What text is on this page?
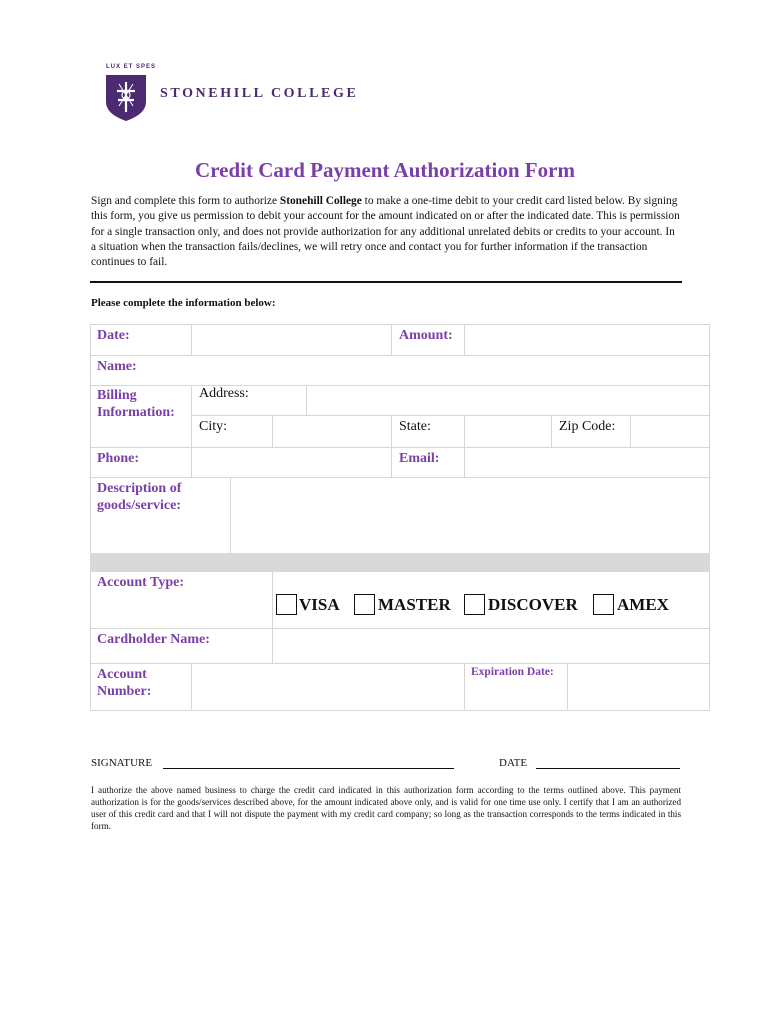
LUX ET SPES
STONEHILL COLLEGE
Credit Card Payment Authorization Form
Sign and complete this form to authorize Stonehill College to make a one-time debit to your credit card listed below. By signing this form, you give us permission to debit your account for the amount indicated on or after the indicated date. This is permission for a single transaction only, and does not provide authorization for any additional unrelated debits or credits to your account. In a situation when the transaction fails/declines, we will retry once and contact you for further information if the transaction continues to fail.
Please complete the information below:
Date:	Amount:
Name:
Billing
Information:
Address:
City:	State:	Zip Code:
Phone:	Email:
Description of
goods/service:
Account Type:
VISA MASTER DISCOVER AMEX
Cardholder Name:
Account
Number:
Expiration Date:
SIGNATURE	DATE
I authorize the above named business to charge the credit card indicated in this authorization form according to the terms outlined above. This payment authorization is for the goods/services described above, for the amount indicated above only, and is valid for one time use only. I certify that I am an authorized user of this credit card and that I will not dispute the payment with my credit card company; so long as the transaction corresponds to the terms indicated in this form.
